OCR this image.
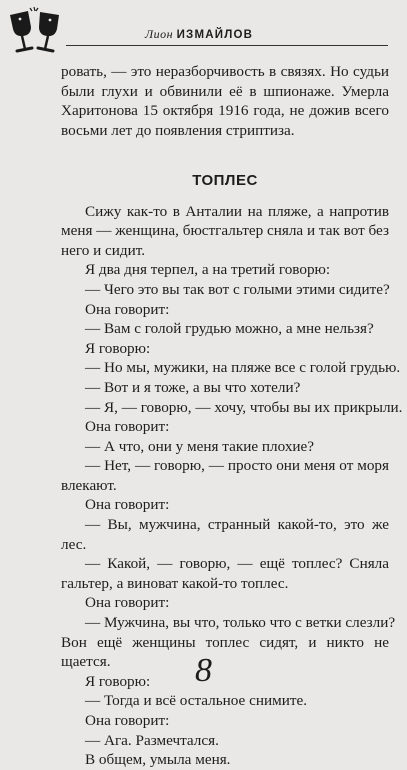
Лион ИЗМАЙЛОВ
ровать, — это неразборчивость в связях. Но судьи
были глухи и обвинили её в шпионаже. Умерла
Харитонова 15 октября 1916 года, не дожив всего
восьми лет до появления стриптиза.
ТОПЛЕС
Сижу как-то в Анталии на пляже, а напротив
меня — женщина, бюстгальтер сняла и так вот без
него и сидит.
Я два дня терпел, а на третий говорю:
— Чего это вы так вот с голыми этими сидите?
Она говорит:
— Вам с голой грудью можно, а мне нельзя?
Я говорю:
— Но мы, мужики, на пляже все с голой грудью.
— Вот и я тоже, а вы что хотели?
— Я, — говорю, — хочу, чтобы вы их прикрыли.
Она говорит:
— А что, они у меня такие плохие?
— Нет, — говорю, — просто они меня от моря
влекают.
Она говорит:
— Вы, мужчина, странный какой-то, это же
лес.
— Какой, — говорю, — ещё топлес? Сняла
гальтер, а виноват какой-то топлес.
Она говорит:
— Мужчина, вы что, только что с ветки слезли?
Вон ещё женщины топлес сидят, и никто не
щается.
Я говорю:
— Тогда и всё остальное снимите.
Она говорит:
— Ага. Размечтался.
В общем, умыла меня.
8
